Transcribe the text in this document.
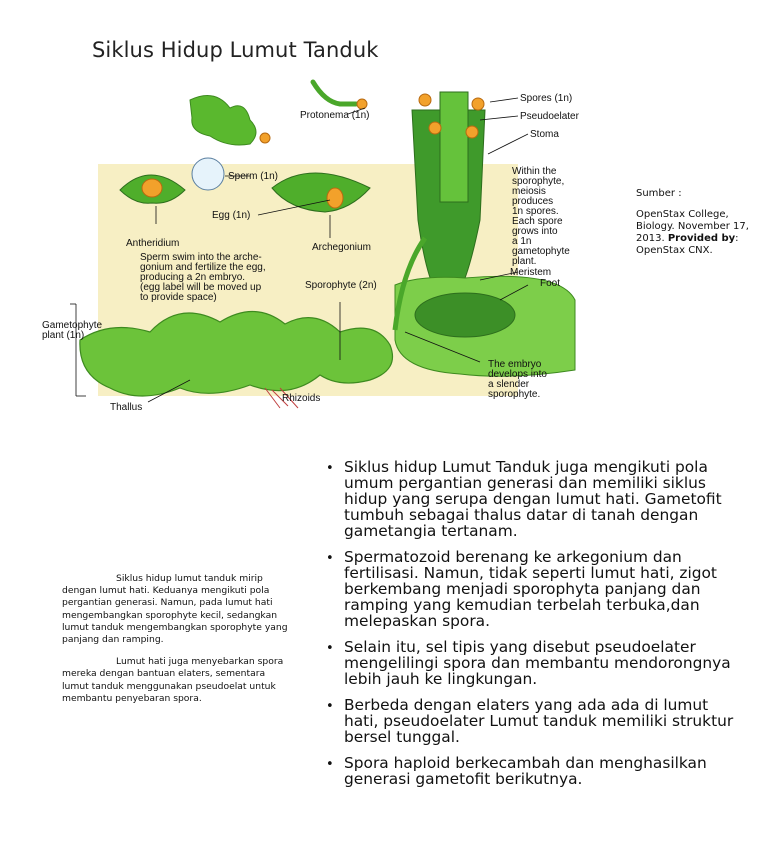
Siklus Hidup Lumut Tanduk
Protonema (1n)
Spores (1n)
Pseudoelater
Stoma
Sperm (1n)
Egg (1n)
Antheridium	Archegonium
Within the
sporophyte,
meiosis
produces
1n spores.
Each spore
grows into
a 1n
gametophyte
plant.
Sperm swim into the arche-
gonium and fertilize the egg,
producing a 2n embryo.
(egg label will be moved up
to provide space)
Sporophyte (2n)
Meristem
Foot
Gametophyte
plant (1n)
The embryo
develops into
a slender
sporophyte.
Rhizoids
Thallus
Sumber :
OpenStax College, Biology. November 17, 2013. Provided by: OpenStax CNX.

Siklus hidup lumut tanduk mirip dengan lumut hati. Keduanya mengikuti pola pergantian generasi. Namun, pada lumut hati mengembangkan sporophyte kecil, sedangkan lumut tanduk mengembangkan sporophyte yang panjang dan ramping.

Lumut hati juga menyebarkan spora mereka dengan bantuan elaters, sementara lumut tanduk menggunakan pseudoelat untuk membantu penyebaran spora.

• Siklus hidup Lumut Tanduk juga mengikuti pola umum pergantian generasi dan memiliki siklus hidup yang serupa dengan lumut hati. Gametofit tumbuh sebagai thalus datar di tanah dengan gametangia tertanam.
• Spermatozoid berenang ke arkegonium dan fertilisasi. Namun, tidak seperti lumut hati, zigot berkembang menjadi sporophyta panjang dan ramping yang kemudian terbelah terbuka,dan melepaskan spora.
• Selain itu, sel tipis yang disebut pseudoelater mengelilingi spora dan membantu mendorongnya lebih jauh ke lingkungan.
• Berbeda dengan elaters yang ada ada di lumut hati, pseudoelater Lumut tanduk memiliki struktur bersel tunggal.
• Spora haploid berkecambah dan menghasilkan generasi gametofit berikutnya.
